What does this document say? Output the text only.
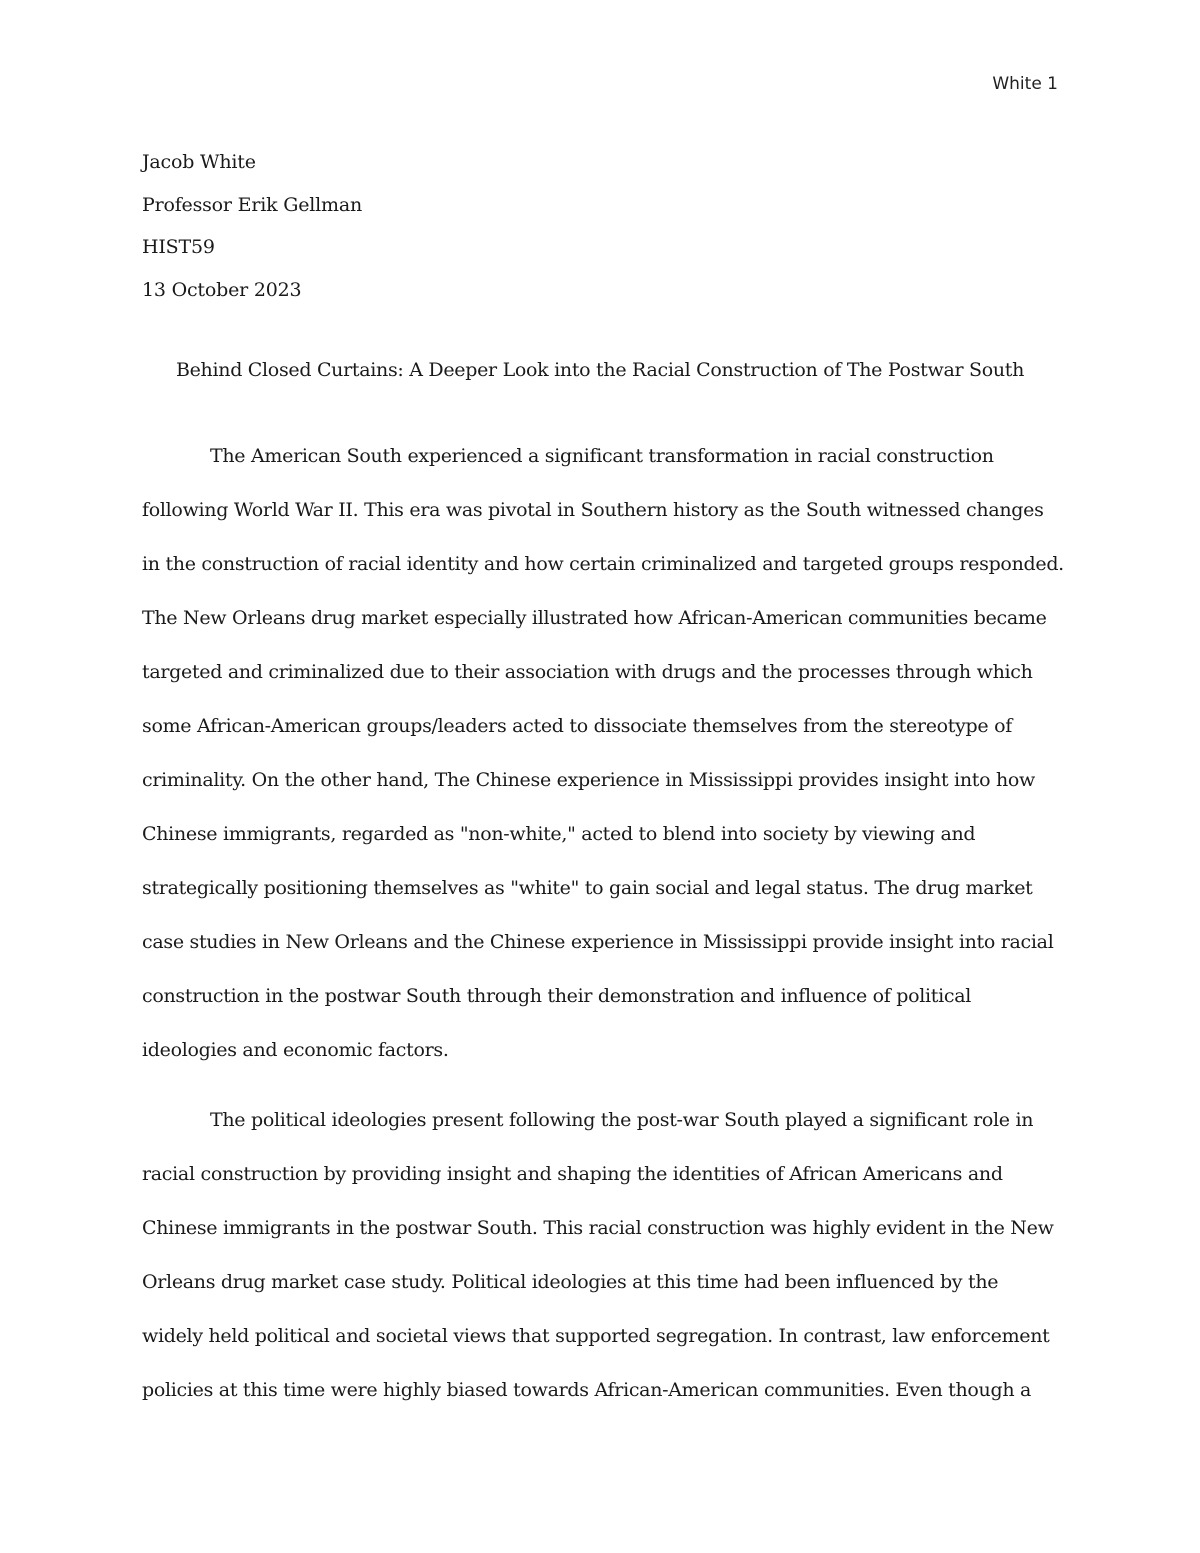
White 1
Jacob White
Professor Erik Gellman
HIST59
13 October 2023
Behind Closed Curtains: A Deeper Look into the Racial Construction of The Postwar South
The American South experienced a significant transformation in racial construction
following World War II. This era was pivotal in Southern history as the South witnessed changes
in the construction of racial identity and how certain criminalized and targeted groups responded.
The New Orleans drug market especially illustrated how African-American communities became
targeted and criminalized due to their association with drugs and the processes through which
some African-American groups/leaders acted to dissociate themselves from the stereotype of
criminality. On the other hand, The Chinese experience in Mississippi provides insight into how
Chinese immigrants, regarded as "non-white," acted to blend into society by viewing and
strategically positioning themselves as "white" to gain social and legal status. The drug market
case studies in New Orleans and the Chinese experience in Mississippi provide insight into racial
construction in the postwar South through their demonstration and influence of political
ideologies and economic factors.
The political ideologies present following the post-war South played a significant role in
racial construction by providing insight and shaping the identities of African Americans and
Chinese immigrants in the postwar South. This racial construction was highly evident in the New
Orleans drug market case study. Political ideologies at this time had been influenced by the
widely held political and societal views that supported segregation. In contrast, law enforcement
policies at this time were highly biased towards African-American communities. Even though a
